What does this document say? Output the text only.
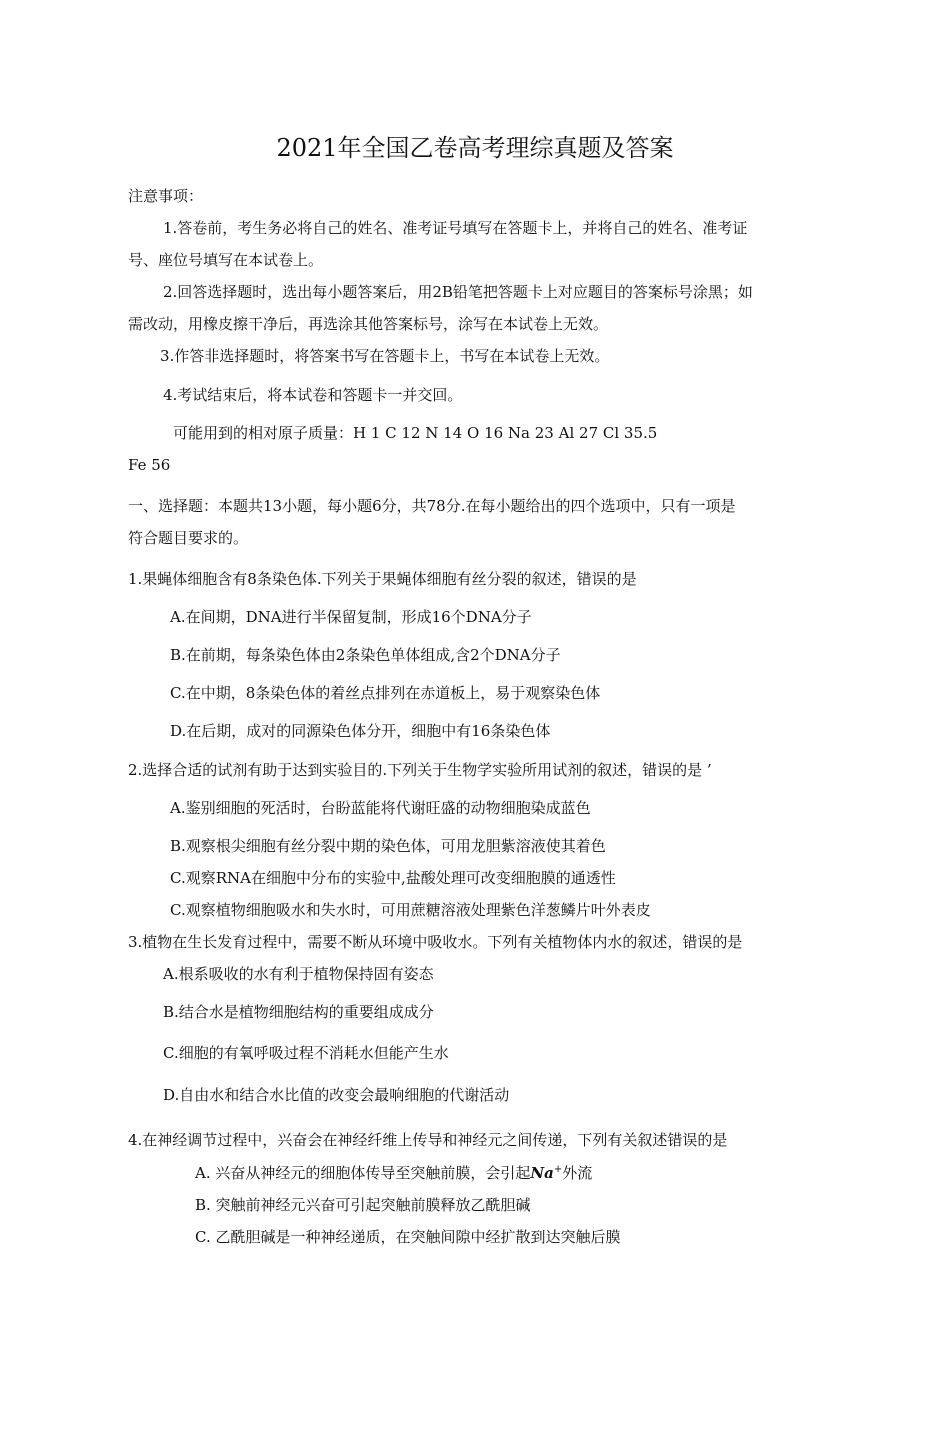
2021年全国乙卷高考理综真题及答案
注意事项：
1.答卷前，考生务必将自己的姓名、准考证号填写在答题卡上，并将自己的姓名、准考证
号、座位号填写在本试卷上。
2.回答选择题时，选出每小题答案后，用2B铅笔把答题卡上对应题目的答案标号涂黑；如
需改动，用橡皮擦干净后，再选涂其他答案标号，涂写在本试卷上无效。
3.作答非选择题时，将答案书写在答题卡上，书写在本试卷上无效。
4.考试结束后，将本试卷和答题卡一并交回。
可能用到的相对原子质量：H 1 C 12 N 14 O 16 Na 23 Al 27 Cl 35.5
Fe 56
一、选择题：本题共13小题，每小题6分，共78分.在每小题给出的四个选项中，只有一项是
符合题目要求的。
1.果蝇体细胞含有8条染色体.下列关于果蝇体细胞有丝分裂的叙述，错误的是
A.在间期，DNA进行半保留复制，形成16个DNA分子
B.在前期，每条染色体由2条染色单体组成,含2个DNA分子
C.在中期，8条染色体的着丝点排列在赤道板上，易于观察染色体
D.在后期，成对的同源染色体分开，细胞中有16条染色体
2.选择合适的试剂有助于达到实验目的.下列关于生物学实验所用试剂的叙述，错误的是 ’
A.鉴别细胞的死活时，台盼蓝能将代谢旺盛的动物细胞染成蓝色
B.观察根尖细胞有丝分裂中期的染色体，可用龙胆紫溶液使其着色
C.观察RNA在细胞中分布的实验中,盐酸处理可改变细胞膜的通透性
C.观察植物细胞吸水和失水时，可用蔗糖溶液处理紫色洋葱鳞片叶外表皮
3.植物在生长发育过程中，需要不断从环境中吸收水。下列有关植物体内水的叙述，错误的是
A.根系吸收的水有利于植物保持固有姿态
B.结合水是植物细胞结构的重要组成成分
C.细胞的有氧呼吸过程不消耗水但能产生水
D.自由水和结合水比值的改变会最响细胞的代谢活动
4.在神经调节过程中，兴奋会在神经纤维上传导和神经元之间传递，下列有关叙述错误的是
A. 兴奋从神经元的细胞体传导至突触前膜，会引起Na+外流
B. 突触前神经元兴奋可引起突触前膜释放乙酰胆碱
C. 乙酰胆碱是一种神经递质，在突触间隙中经扩散到达突触后膜
